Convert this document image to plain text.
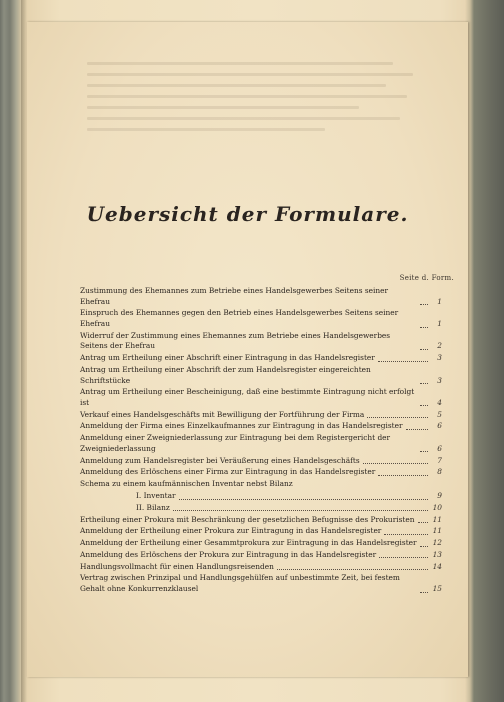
Uebersicht der Formulare.
Seite d. Form.
Zustimmung des Ehemannes zum Betriebe eines Handelsgewerbes Seitens seiner Ehefrau	1
Einspruch des Ehemannes gegen den Betrieb eines Handelsgewerbes Seitens seiner Ehefrau	1
Widerruf der Zustimmung eines Ehemannes zum Betriebe eines Handelsgewerbes Seitens der Ehefrau	2
Antrag um Ertheilung einer Abschrift einer Eintragung in das Handelsregister	3
Antrag um Ertheilung einer Abschrift der zum Handelsregister eingereichten Schriftstücke	3
Antrag um Ertheilung einer Bescheinigung, daß eine bestimmte Eintragung nicht erfolgt ist	4
Verkauf eines Handelsgeschäfts mit Bewilligung der Fortführung der Firma	5
Anmeldung der Firma eines Einzelkaufmannes zur Eintragung in das Handelsregister	6
Anmeldung einer Zweigniederlassung zur Eintragung bei dem Registergericht der Zweigniederlassung	6
Anmeldung zum Handelsregister bei Veräußerung eines Handelsgeschäfts	7
Anmeldung des Erlöschens einer Firma zur Eintragung in das Handelsregister	8
Schema zu einem kaufmännischen Inventar nebst Bilanz
I. Inventar	9
II. Bilanz	10
Ertheilung einer Prokura mit Beschränkung der gesetzlichen Befugnisse des Prokuristen	11
Anmeldung der Ertheilung einer Prokura zur Eintragung in das Handelsregister	11
Anmeldung der Ertheilung einer Gesammtprokura zur Eintragung in das Handelsregister	12
Anmeldung des Erlöschens der Prokura zur Eintragung in das Handelsregister	13
Handlungsvollmacht für einen Handlungsreisenden	14
Vertrag zwischen Prinzipal und Handlungsgehülfen auf unbestimmte Zeit, bei festem Gehalt ohne Konkurrenzklausel	15
